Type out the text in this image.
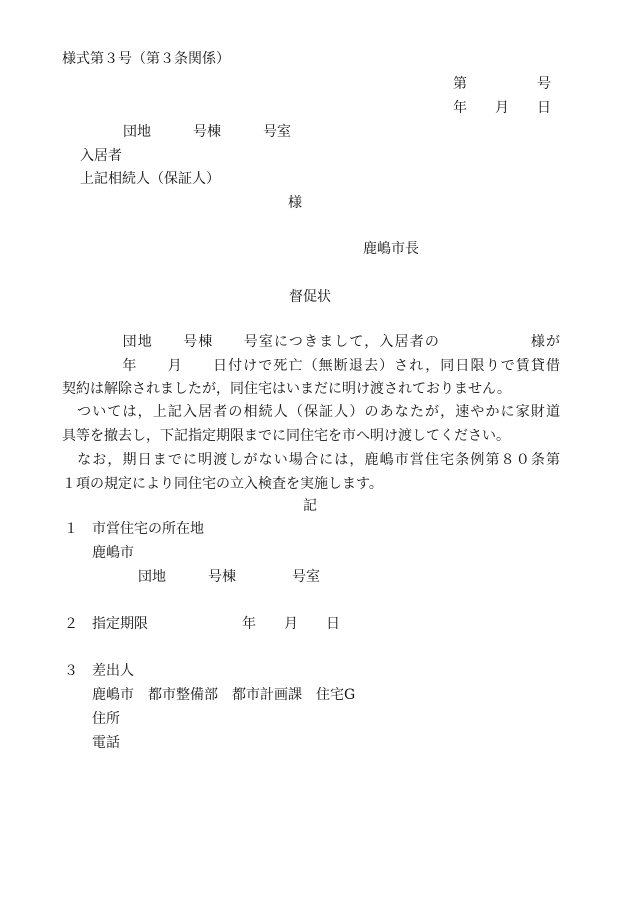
様式第３号（第３条関係）
第　　　　　号
年　　月　　日
団地　　　号棟　　　号室
入居者
上記相続人（保証人）
様
鹿嶋市長
督促状
　　　　団地　　号棟　　号室につきまして，入居者の　　　　　　様が
　　　　年　　月　　日付けで死亡（無断退去）され，同日限りで賃貸借
契約は解除されましたが，同住宅はいまだに明け渡されておりません。
　ついては，上記入居者の相続人（保証人）のあなたが，速やかに家財道
具等を撤去し，下記指定期限までに同住宅を市へ明け渡してください。
　なお，期日までに明渡しがない場合には，鹿嶋市営住宅条例第８０条第
１項の規定により同住宅の立入検査を実施します。
記
１ 市営住宅の所在地
鹿嶋市
団地　　　号棟　　　　号室
２ 指定期限	年　　月　　日
３ 差出人
鹿嶋市　都市整備部　都市計画課　住宅G
住所
電話
